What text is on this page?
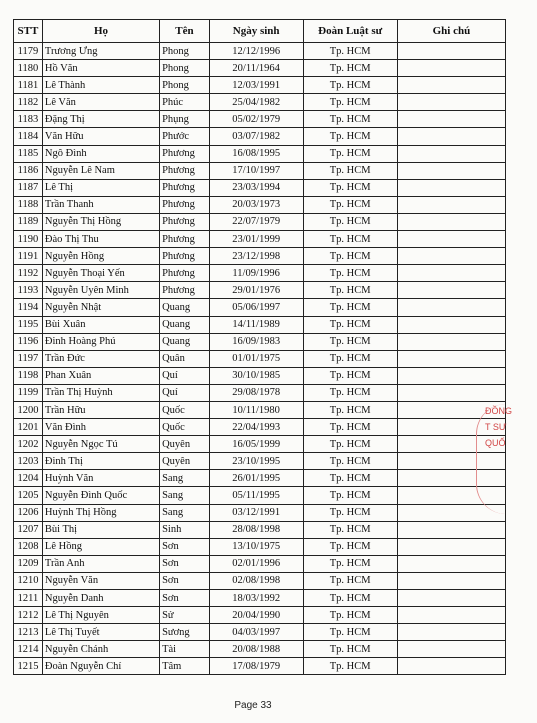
STT	Họ	Tên	Ngày sinh	Đoàn Luật sư	Ghi chú
1179	Trương Ưng	Phong	12/12/1996	Tp. HCM	
1180	Hồ Văn	Phong	20/11/1964	Tp. HCM	
1181	Lê Thành	Phong	12/03/1991	Tp. HCM	
1182	Lê Văn	Phúc	25/04/1982	Tp. HCM	
1183	Đặng Thị	Phụng	05/02/1979	Tp. HCM	
1184	Văn Hữu	Phước	03/07/1982	Tp. HCM	
1185	Ngô Đình	Phương	16/08/1995	Tp. HCM	
1186	Nguyễn Lê Nam	Phương	17/10/1997	Tp. HCM	
1187	Lê Thị	Phương	23/03/1994	Tp. HCM	
1188	Trần Thanh	Phương	20/03/1973	Tp. HCM	
1189	Nguyễn Thị Hồng	Phương	22/07/1979	Tp. HCM	
1190	Đào Thị Thu	Phương	23/01/1999	Tp. HCM	
1191	Nguyễn Hồng	Phương	23/12/1998	Tp. HCM	
1192	Nguyễn Thoại Yến	Phương	11/09/1996	Tp. HCM	
1193	Nguyễn Uyên Minh	Phương	29/01/1976	Tp. HCM	
1194	Nguyễn Nhật	Quang	05/06/1997	Tp. HCM	
1195	Bùi Xuân	Quang	14/11/1989	Tp. HCM	
1196	Đinh Hoàng Phú	Quang	16/09/1983	Tp. HCM	
1197	Trần Đức	Quân	01/01/1975	Tp. HCM	
1198	Phan Xuân	Quí	30/10/1985	Tp. HCM	
1199	Trần Thị Huỳnh	Quí	29/08/1978	Tp. HCM	
1200	Trần Hữu	Quốc	10/11/1980	Tp. HCM	
1201	Văn Đình	Quốc	22/04/1993	Tp. HCM	
1202	Nguyễn Ngọc Tú	Quyên	16/05/1999	Tp. HCM	
1203	Đinh Thị	Quyên	23/10/1995	Tp. HCM	
1204	Huỳnh Văn	Sang	26/01/1995	Tp. HCM	
1205	Nguyễn Đình Quốc	Sang	05/11/1995	Tp. HCM	
1206	Huỳnh Thị Hồng	Sang	03/12/1991	Tp. HCM	
1207	Bùi Thị	Sinh	28/08/1998	Tp. HCM	
1208	Lê Hồng	Sơn	13/10/1975	Tp. HCM	
1209	Trần Anh	Sơn	02/01/1996	Tp. HCM	
1210	Nguyễn Văn	Sơn	02/08/1998	Tp. HCM	
1211	Nguyễn Danh	Sơn	18/03/1992	Tp. HCM	
1212	Lê Thị Nguyên	Sử	20/04/1990	Tp. HCM	
1213	Lê Thị Tuyết	Sương	04/03/1997	Tp. HCM	
1214	Nguyễn Chánh	Tài	20/08/1988	Tp. HCM	
1215	Đoàn Nguyễn Chí	Tâm	17/08/1979	Tp. HCM	
Page 33
ĐỒNG
T SƯ
QUỐ
